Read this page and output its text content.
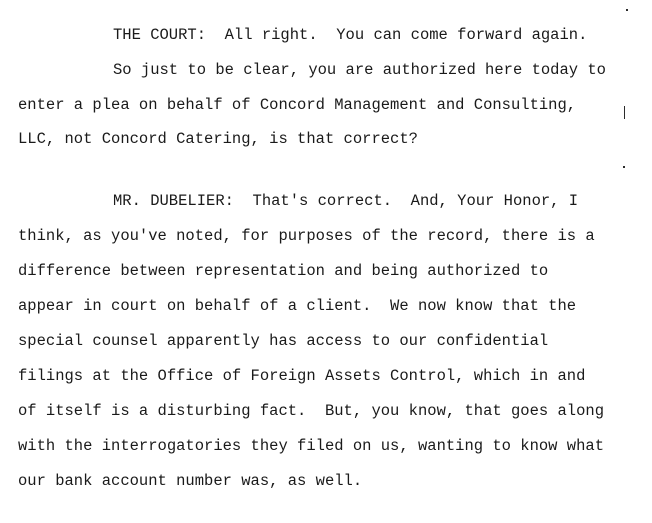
THE COURT:  All right.  You can come forward again.
So just to be clear, you are authorized here today to
enter a plea on behalf of Concord Management and Consulting,
LLC, not Concord Catering, is that correct?
MR. DUBELIER:  That's correct.  And, Your Honor, I
think, as you've noted, for purposes of the record, there is a
difference between representation and being authorized to
appear in court on behalf of a client.  We now know that the
special counsel apparently has access to our confidential
filings at the Office of Foreign Assets Control, which in and
of itself is a disturbing fact.  But, you know, that goes along
with the interrogatories they filed on us, wanting to know what
our bank account number was, as well.
